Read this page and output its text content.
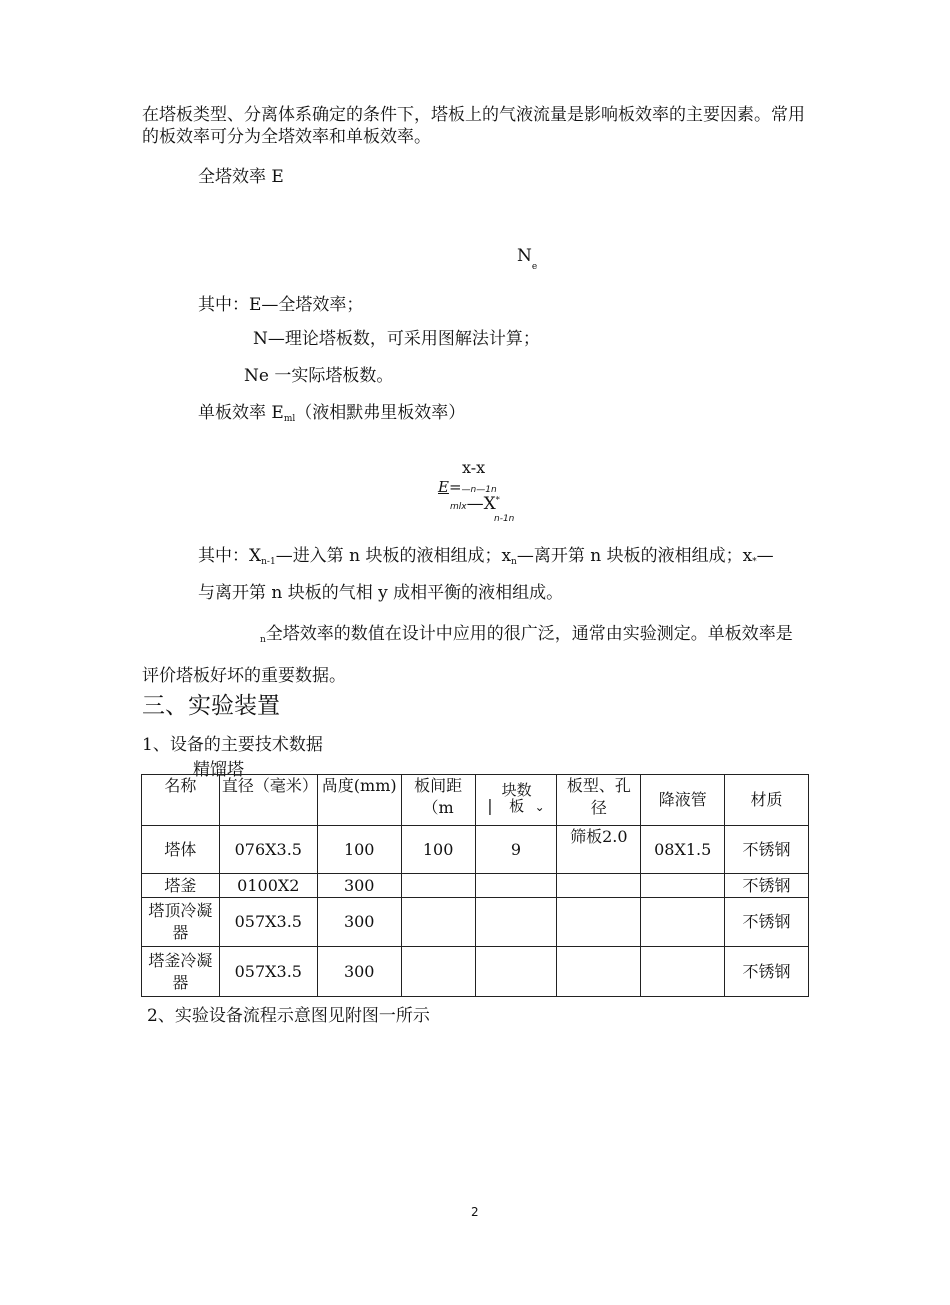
在塔板类型、分离体系确定的条件下，塔板上的气液流量是影响板效率的主要因素。常用的板效率可分为全塔效率和单板效率。
全塔效率 E
$N_e$
其中：E—全塔效率；
N—理论塔板数，可采用图解法计算；
Ne 一实际塔板数。
单板效率 $E_{ml}$（液相默弗里板效率）
x-x
E=—n—1n
mlx—X*
n-1n
其中：$X_{n-1}—$进入第 n 块板的液相组成；$x_n—$离开第 n 块板的液相组成；$x_*—$
与离开第 n 块板的气相 y 成相平衡的液相组成。
$_n$全塔效率的数值在设计中应用的很广泛，通常由实验测定。单板效率是评价塔板好坏的重要数据。
三、实验装置
1、设备的主要技术数据
精馏塔
名称	直径（毫米）	咼度(mm)	板间距（m	|块数板 ⌄	板型、孔径	降液管	材质
塔体	076X3.5	100	100	9	筛板2.0	08X1.5	不锈钢
塔釜	0100X2	300					不锈钢
塔顶冷凝器	057X3.5	300					不锈钢
塔釜冷凝器	057X3.5	300					不锈钢
2、实验设备流程示意图见附图一所示
2
